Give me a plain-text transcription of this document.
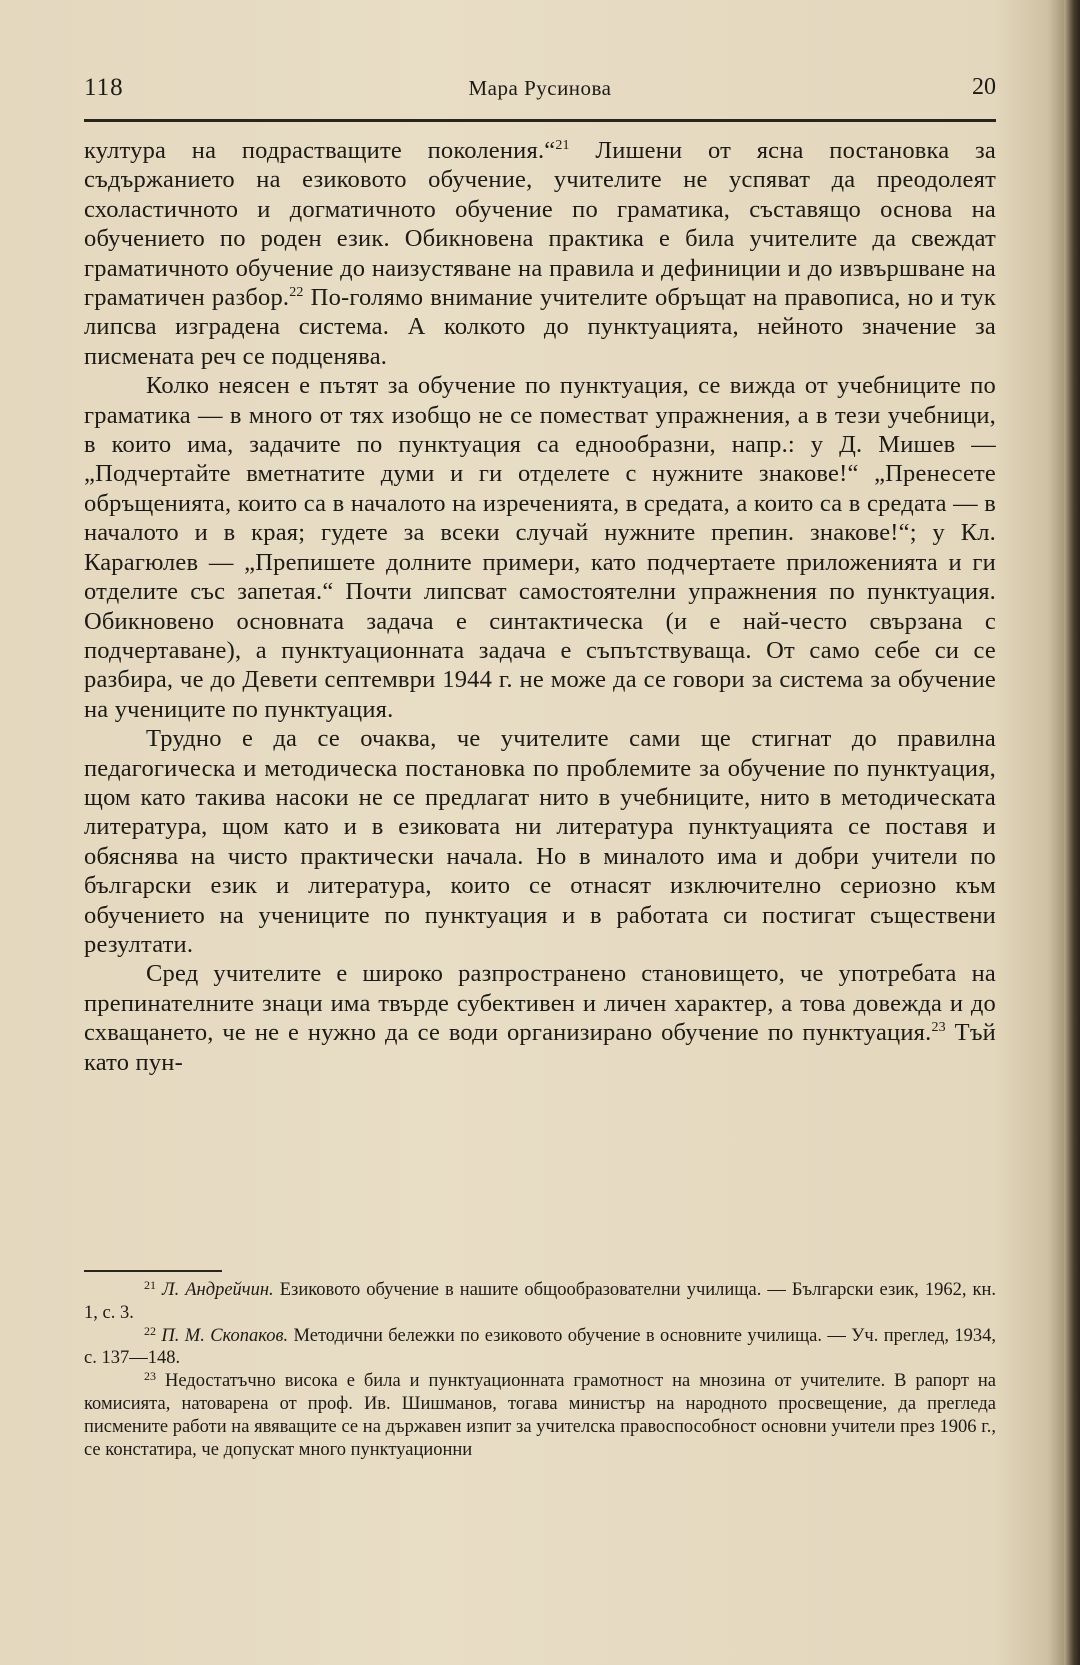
118	Мара Русинова	20

култура на подрастващите поколения.“$^{21}$ Лишени от ясна постановка за съдържанието на езиковото обучение, учителите не успяват да преодолеят схоластичното и догматичното обучение по граматика, съставящо основа на обучението по роден език. Обикновена практика е била учителите да свеждат граматичното обучение до наизустяване на правила и дефиниции и до извършване на граматичен разбор.$^{22}$ По-голямо внимание учителите обръщат на правописа, но и тук липсва изградена система. А колкото до пунктуацията, нейното значение за писмената реч се подценява.

Колко неясен е пътят за обучение по пунктуация, се вижда от учебниците по граматика — в много от тях изобщо не се помествaт упражнения, а в тези учебници, в които има, задачите по пунктуация са еднообразни, напр.: у Д. Мишев — „Подчертайте вметнатите думи и ги отделете с нужните знакове!“ „Пренесете обръщенията, които са в началото на изреченията, в средата, а които са в средата — в началото и в края; гудете за всеки случай нужните препин. знакове!“; у Кл. Карагюлев — „Препишете долните примери, като подчертаете приложенията и ги отделите със запетая.“ Почти липсват самостоятелни упражнения по пунктуация. Обикновено основната задача е синтактическа (и е най-често свързана с подчертаване), а пунктуационната задача е съпътствуваща. От само себе си се разбира, че до Девети септември 1944 г. не може да се говори за система за обучение на учениците по пунктуация.

Трудно е да се очаква, че учителите сами ще стигнат до правилна педагогическа и методическа постановка по проблемите за обучение по пунктуация, щом като такива насоки не се предлагат нито в учебниците, нито в методическата литература, щом като и в езиковата ни литература пунктуацията се поставя и обяснява на чисто практически начала. Но в миналото има и добри учители по български език и литература, които се отнасят изключително сериозно към обучението на учениците по пунктуация и в работата си постигат съществени резултати.

Сред учителите е широко разпространено становището, че употребата на препинателните знаци има твърде субективен и личен характер, а това довежда и до схващането, че не е нужно да се води организирано обучение по пунктуация.$^{23}$ Тъй като пун-

$^{21}$ Л. Андрейчин. Езиковото обучение в нашите общообразователни училища. — Български език, 1962, кн. 1, с. 3.

$^{22}$ П. М. Скопаков. Методични бележки по езиковото обучение в основните училища. — Уч. преглед, 1934, с. 137—148.

$^{23}$ Недостатъчно висока е била и пунктуационната грамотност на мнозина от учителите. В рапорт на комисията, натоварена от проф. Ив. Шишманов, тогава министър на народното просвещение, да прегледа писмените работи на явяващите се на държавен изпит за учителска правоспособност основни учители през 1906 г., се констатира, че допускат много пунктуационни
